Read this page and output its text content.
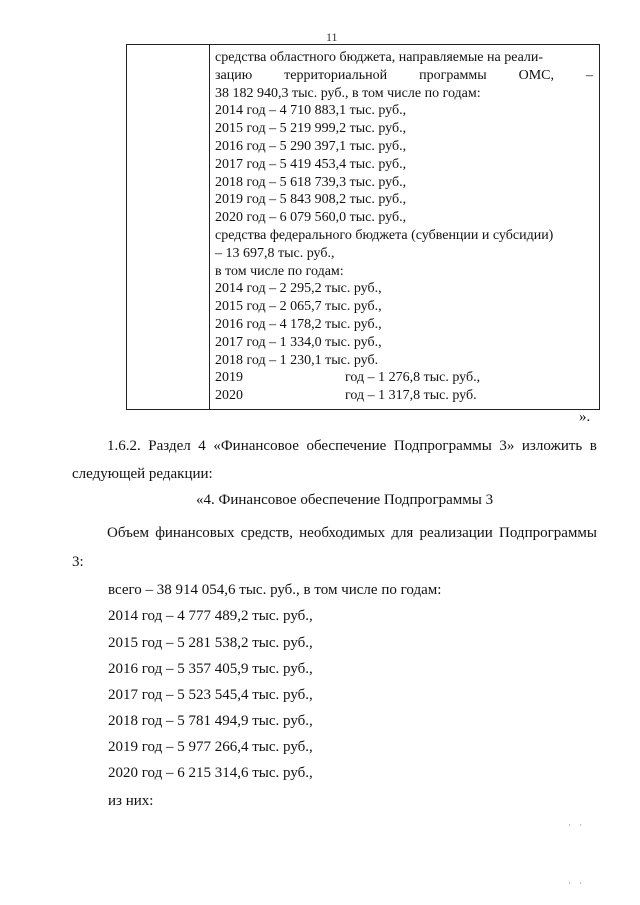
11
средства областного бюджета, направляемые на реали-
зацию территориальной программы ОМС, –
38 182 940,3 тыс. руб., в том числе по годам:
2014 год – 4 710 883,1 тыс. руб.,
2015 год – 5 219 999,2 тыс. руб.,
2016 год – 5 290 397,1 тыс. руб.,
2017 год – 5 419 453,4 тыс. руб.,
2018 год – 5 618 739,3 тыс. руб.,
2019 год – 5 843 908,2 тыс. руб.,
2020 год – 6 079 560,0 тыс. руб.,
средства федерального бюджета (субвенции и субсидии)
– 13 697,8 тыс. руб.,
в том числе по годам:
2014 год – 2 295,2 тыс. руб.,
2015 год – 2 065,7 тыс. руб.,
2016 год – 4 178,2 тыс. руб.,
2017 год – 1 334,0 тыс. руб.,
2018 год – 1 230,1 тыс. руб.
2019	год – 1 276,8 тыс. руб.,
2020	год – 1 317,8 тыс. руб.
».
1.6.2. Раздел 4 «Финансовое обеспечение Подпрограммы 3» изложить в
следующей редакции:
«4. Финансовое обеспечение Подпрограммы 3
Объем финансовых средств, необходимых для реализации Подпрограммы
3:
всего – 38 914 054,6 тыс. руб., в том числе по годам:
2014 год – 4 777 489,2 тыс. руб.,
2015 год – 5 281 538,2 тыс. руб.,
2016 год – 5 357 405,9 тыс. руб.,
2017 год – 5 523 545,4 тыс. руб.,
2018 год – 5 781 494,9 тыс. руб.,
2019 год – 5 977 266,4 тыс. руб.,
2020 год – 6 215 314,6 тыс. руб.,
из них:
· ·
· ·
